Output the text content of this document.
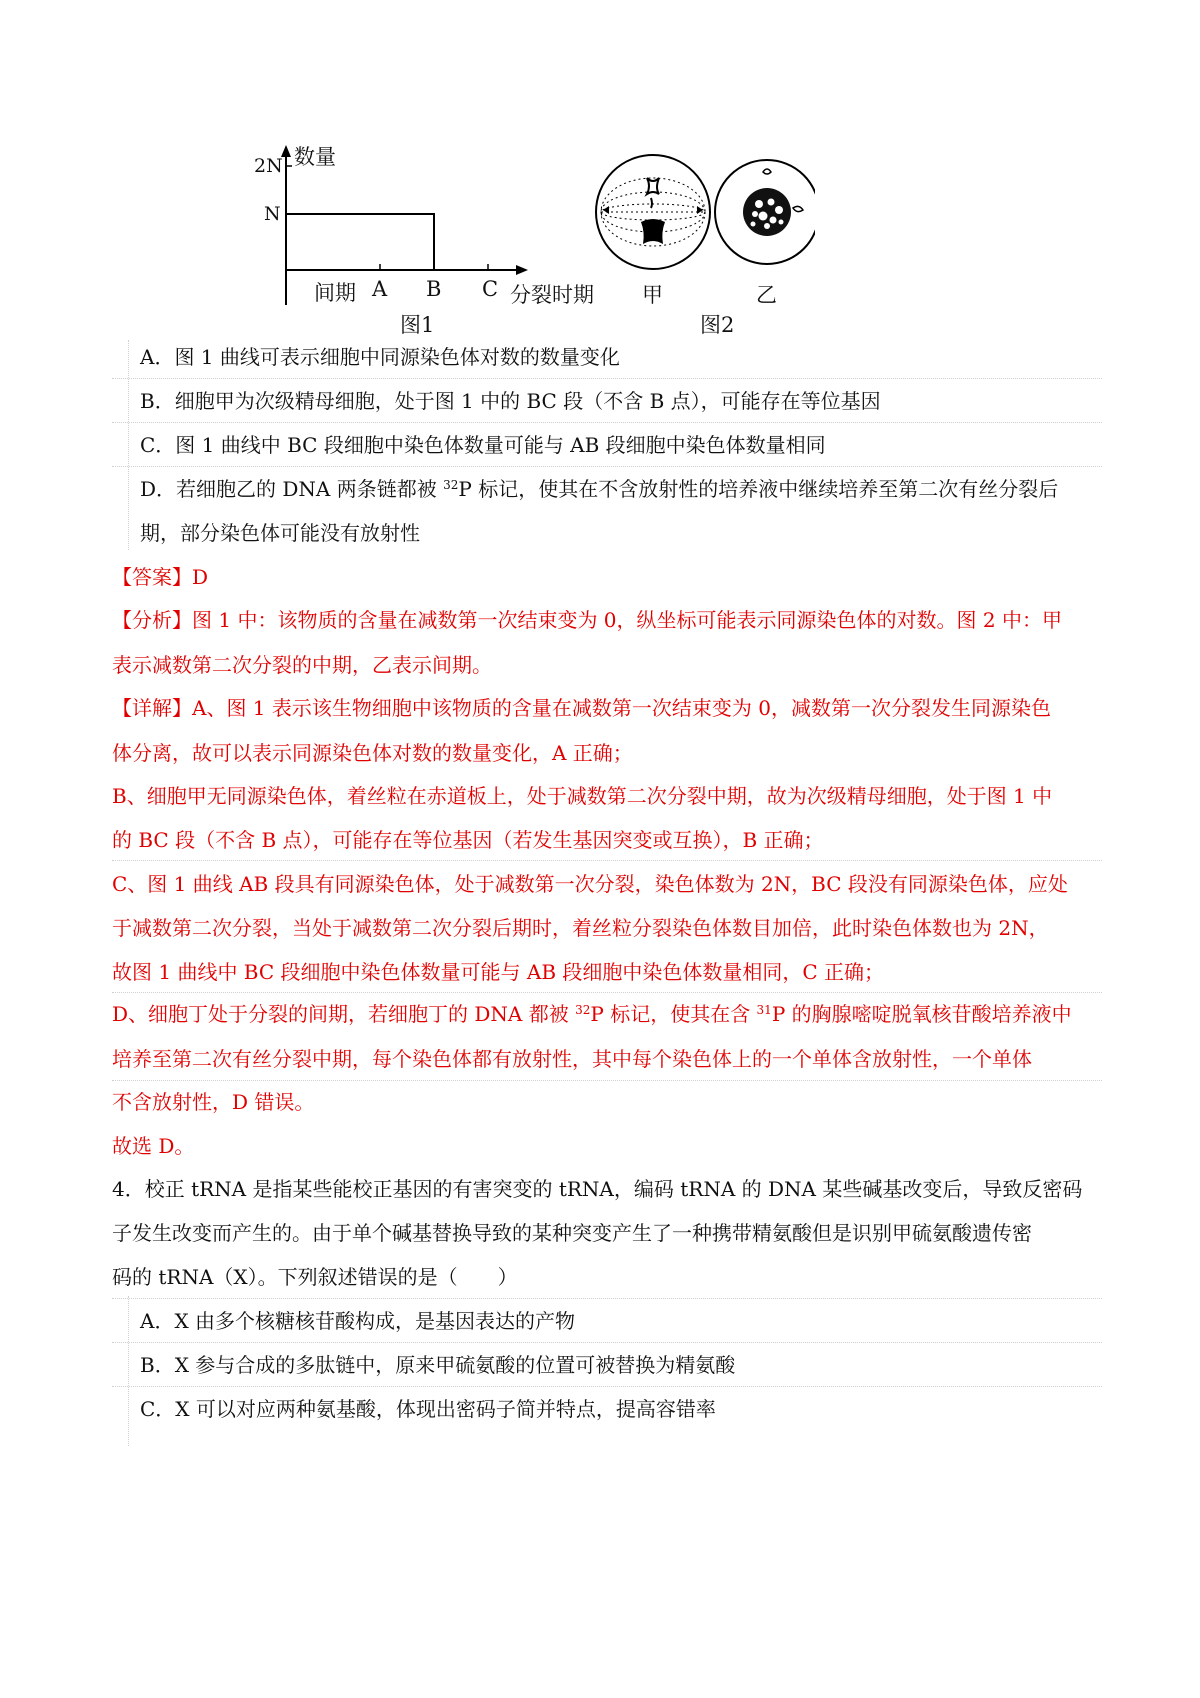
数量
2N
N
间期 A B C 分裂时期
图1
甲	乙
图2
A．图 1 曲线可表示细胞中同源染色体对数的数量变化
B．细胞甲为次级精母细胞，处于图 1 中的 BC 段（不含 B 点），可能存在等位基因
C．图 1 曲线中 BC 段细胞中染色体数量可能与 AB 段细胞中染色体数量相同
D．若细胞乙的 DNA 两条链都被 $^{32}$P 标记，使其在不含放射性的培养液中继续培养至第二次有丝分裂后
期，部分染色体可能没有放射性
【答案】D
【分析】图 1 中：该物质的含量在减数第一次结束变为 0，纵坐标可能表示同源染色体的对数。图 2 中：甲
表示减数第二次分裂的中期，乙表示间期。
【详解】A、图 1 表示该生物细胞中该物质的含量在减数第一次结束变为 0，减数第一次分裂发生同源染色
体分离，故可以表示同源染色体对数的数量变化，A 正确；
B、细胞甲无同源染色体，着丝粒在赤道板上，处于减数第二次分裂中期，故为次级精母细胞，处于图 1 中
的 BC 段（不含 B 点），可能存在等位基因（若发生基因突变或互换），B 正确；
C、图 1 曲线 AB 段具有同源染色体，处于减数第一次分裂，染色体数为 2N，BC 段没有同源染色体，应处
于减数第二次分裂，当处于减数第二次分裂后期时，着丝粒分裂染色体数目加倍，此时染色体数也为 2N，
故图 1 曲线中 BC 段细胞中染色体数量可能与 AB 段细胞中染色体数量相同，C 正确；
D、细胞丁处于分裂的间期，若细胞丁的 DNA 都被 $^{32}$P 标记，使其在含 $^{31}$P 的胸腺嘧啶脱氧核苷酸培养液中
培养至第二次有丝分裂中期，每个染色体都有放射性，其中每个染色体上的一个单体含放射性，一个单体
不含放射性，D 错误。
故选 D。
4．校正 tRNA 是指某些能校正基因的有害突变的 tRNA，编码 tRNA 的 DNA 某些碱基改变后，导致反密码
子发生改变而产生的。由于单个碱基替换导致的某种突变产生了一种携带精氨酸但是识别甲硫氨酸遗传密
码的 tRNA（X）。下列叙述错误的是（　　）
A．X 由多个核糖核苷酸构成，是基因表达的产物
B．X 参与合成的多肽链中，原来甲硫氨酸的位置可被替换为精氨酸
C．X 可以对应两种氨基酸，体现出密码子简并特点，提高容错率
